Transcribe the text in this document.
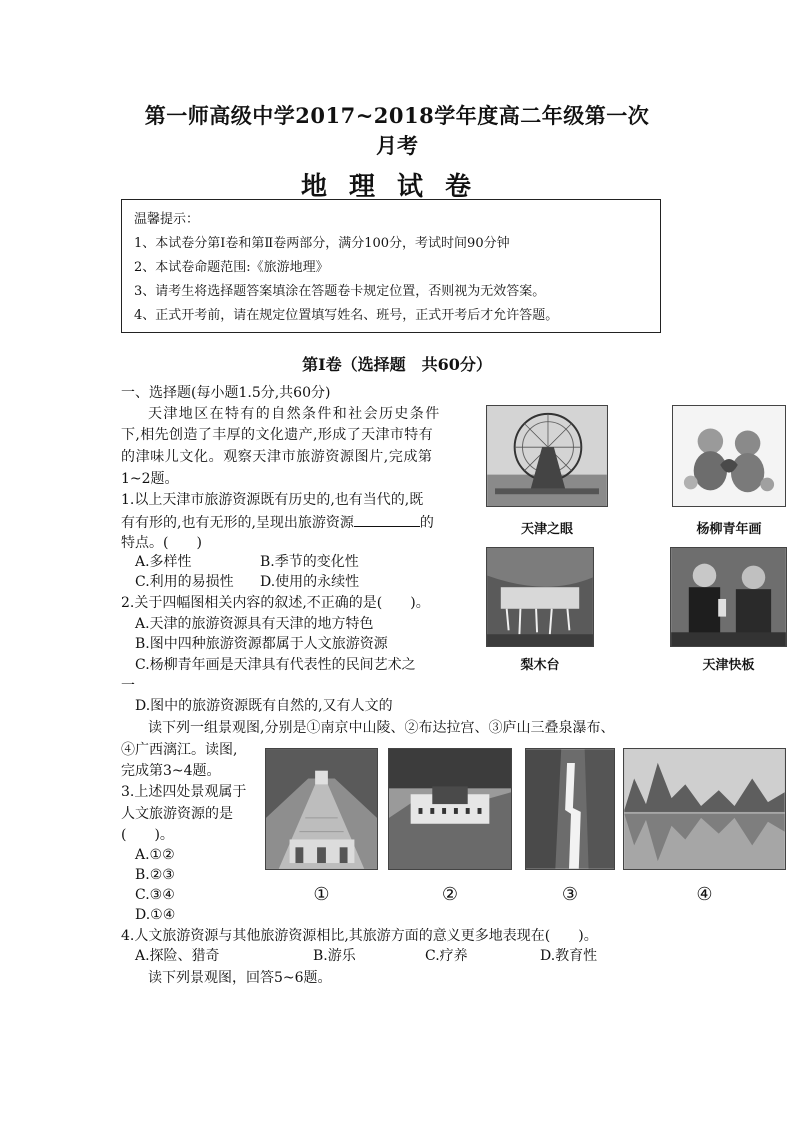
第一师高级中学2017~2018学年度高二年级第一次
月考
地理试卷
温馨提示：
1、本试卷分第Ⅰ卷和第Ⅱ卷两部分，满分100分，考试时间90分钟
2、本试卷命题范围:《旅游地理》
3、请考生将选择题答案填涂在答题卷卡规定位置，否则视为无效答案。
4、正式开考前，请在规定位置填写姓名、班号，正式开考后才允许答题。
第Ⅰ卷（选择题　共60分）
一、选择题(每小题1.5分,共60分)
天津地区在特有的自然条件和社会历史条件
下,相先创造了丰厚的文化遗产,形成了天津市特有
的津味儿文化。观察天津市旅游资源图片,完成第
1~2题。
1.以上天津市旅游资源既有历史的,也有当代的,既
有有形的,也有无形的,呈现出旅游资源	的
特点。(　　)
A.多样性	B.季节的变化性
C.利用的易损性 D.使用的永续性
2.关于四幅图相关内容的叙述,不正确的是(　　)。
A.天津的旅游资源具有天津的地方特色
B.图中四种旅游资源都属于人文旅游资源
C.杨柳青年画是天津具有代表性的民间艺术之
一
D.图中的旅游资源既有自然的,又有人文的
天津之眼	杨柳青年画
梨木台	天津快板
读下列一组景观图,分别是①南京中山陵、②布达拉宫、③庐山三叠泉瀑布、
④广西漓江。读图,
完成第3~4题。
3.上述四处景观属于
人文旅游资源的是
(　　)。
A.①②
B.②③
C.③④
D.①④
①	②	③	④
4.人文旅游资源与其他旅游资源相比,其旅游方面的意义更多地表现在(　　)。
A.探险、猎奇	B.游乐	C.疗养	D.教育性
读下列景观图，回答5~6题。
